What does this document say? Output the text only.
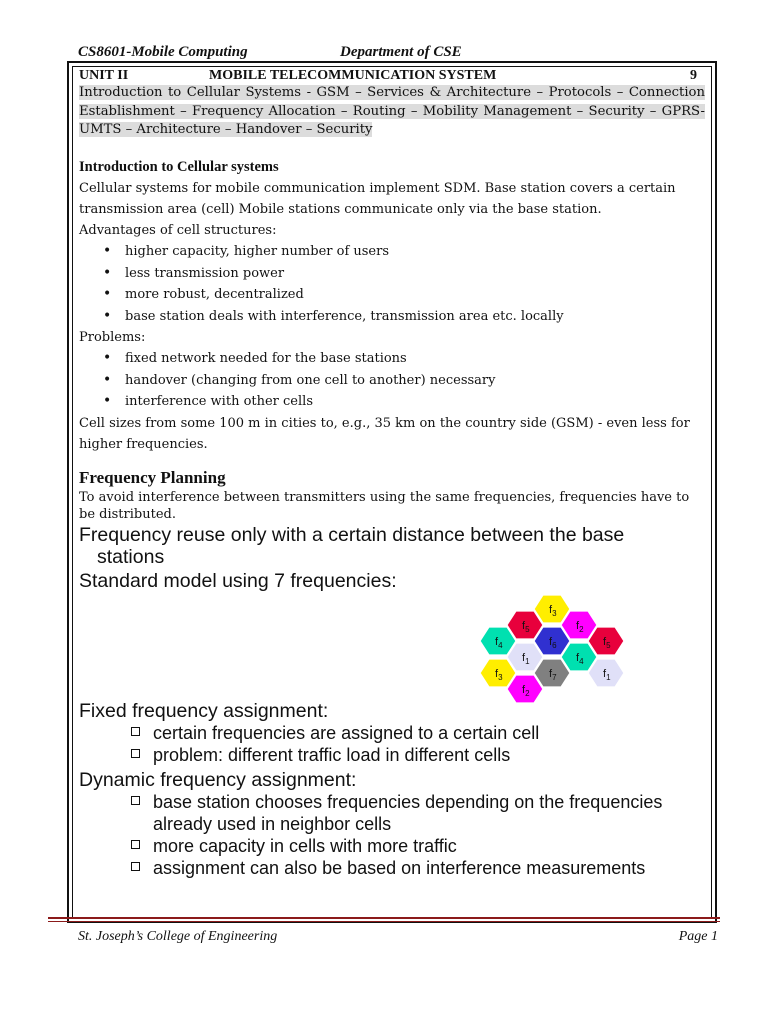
CS8601-Mobile Computing	Department of CSE
UNIT II	MOBILE TELECOMMUNICATION SYSTEM	9

Introduction to Cellular Systems - GSM – Services & Architecture – Protocols – Connection Establishment – Frequency Allocation – Routing – Mobility Management – Security – GPRS- UMTS – Architecture – Handover – Security

Introduction to Cellular systems

Cellular systems for mobile communication implement SDM. Base station covers a certain transmission area (cell) Mobile stations communicate only via the base station.

Advantages of cell structures:

• higher capacity, higher number of users
• less transmission power
• more robust, decentralized
• base station deals with interference, transmission area etc. locally

Problems:

• fixed network needed for the base stations
• handover (changing from one cell to another) necessary
• interference with other cells

Cell sizes from some 100 m in cities to, e.g., 35 km on the country side (GSM) - even less for higher frequencies.

Frequency Planning

To avoid interference between transmitters using the same frequencies, frequencies have to be distributed.

Frequency reuse only with a certain distance between the base
stations
Standard model using 7 frequencies:
Fixed frequency assignment:
certain frequencies are assigned to a certain cell
problem: different traffic load in different cells
Dynamic frequency assignment:
base station chooses frequencies depending on the frequencies
already used in neighbor cells
more capacity in cells with more traffic
assignment can also be based on interference measurements
$f_3$
$f_5$	$f_2$
$f_4$	$f_6$	$f_5$
$f_1$	$f_4$
$f_3$	$f_7$	$f_1$
$f_2$
St. Joseph’s College of Engineering	Page 1
